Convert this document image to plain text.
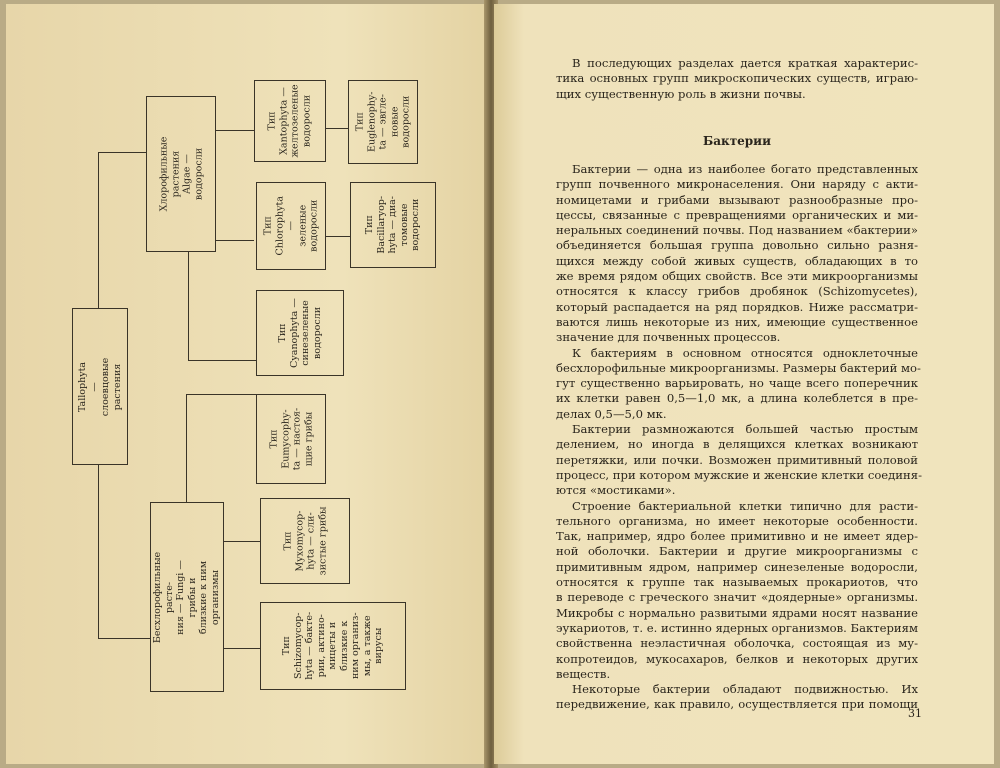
Tallophyta — слоевцовые
растения
Хлорофильные растения
Algae — водоросли
Тип
Xantophyta —
желтозеленые
водоросли
Тип
Chlorophyta —
зеленые
водоросли
Тип
Cyanophyta —
синезеленые
водоросли
Тип
Euglenophy-
ta — эвгле-
новые
водоросли
Тип
Bacillaryop-
hyta — диа-
томовые
водоросли
Бесхлорофильные расте-
ния — Fungi — грибы и
близкие к ним организмы
Тип
Eumycophy-
ta — настоя-
щие грибы
Тип
Myxomycop-
hyta — сли-
зистые грибы
Тип
Schizomycop-
hyta — бакте-
рии, актино-
мицеты и
близкие к
ним организ-
мы, а также
вирусы
В последующих разделах дается краткая характерис-
тика основных групп микроскопических существ, играю-
щих существенную роль в жизни почвы.
Бактерии
Бактерии — одна из наиболее богато представленных
групп почвенного микронаселения. Они наряду с акти-
номицетами и грибами вызывают разнообразные про-
цессы, связанные с превращениями органических и ми-
неральных соединений почвы. Под названием «бактерии»
объединяется большая группа довольно сильно разня-
щихся между собой живых существ, обладающих в то
же время рядом общих свойств. Все эти микроорганизмы
относятся к классу грибов дробянок (Schizomycetes),
который распадается на ряд порядков. Ниже рассматри-
ваются лишь некоторые из них, имеющие существенное
значение для почвенных процессов.
К бактериям в основном относятся одноклеточные
бесхлорофильные микроорганизмы. Размеры бактерий мо-
гут существенно варьировать, но чаще всего поперечник
их клетки равен 0,5—1,0 мк, а длина колеблется в пре-
делах 0,5—5,0 мк.
Бактерии размножаются большей частью простым
делением, но иногда в делящихся клетках возникают
перетяжки, или почки. Возможен примитивный половой
процесс, при котором мужские и женские клетки соединя-
ются «мостиками».
Строение бактериальной клетки типично для расти-
тельного организма, но имеет некоторые особенности.
Так, например, ядро более примитивно и не имеет ядер-
ной оболочки. Бактерии и другие микроорганизмы с
примитивным ядром, например синезеленые водоросли,
относятся к группе так называемых прокариотов, что
в переводе с греческого значит «доядерные» организмы.
Микробы с нормально развитыми ядрами носят название
эукариотов, т. е. истинно ядерных организмов. Бактериям
свойственна неэластичная оболочка, состоящая из му-
копротеидов, мукосахаров, белков и некоторых других
веществ.
Некоторые бактерии обладают подвижностью. Их
передвижение, как правило, осуществляется при помощи
31
